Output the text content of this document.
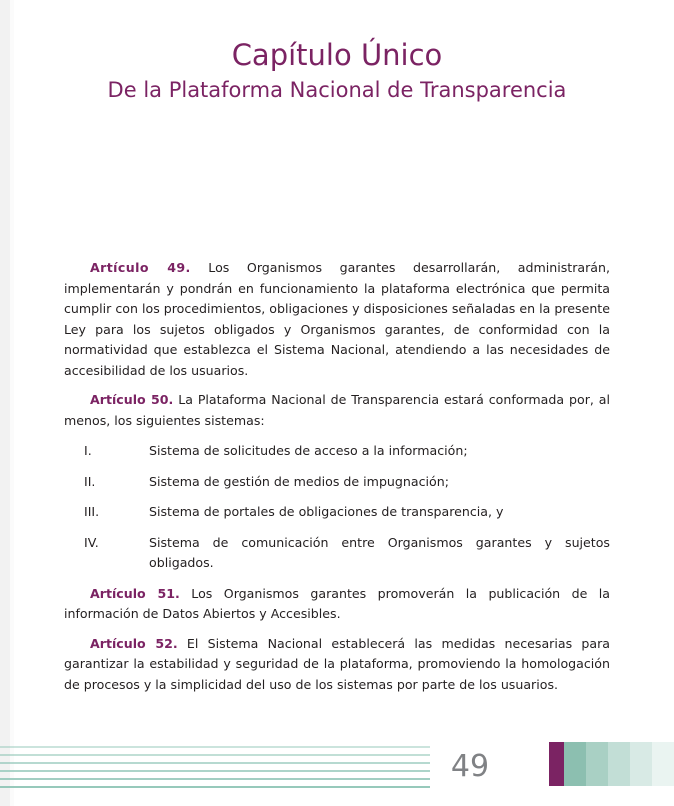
Capítulo Único
De la Plataforma Nacional de Transparencia

Artículo 49. Los Organismos garantes desarrollarán, administrarán, implementarán y pondrán en funcionamiento la plataforma electrónica que permita cumplir con los procedimientos, obligaciones y disposiciones señaladas en la presente Ley para los sujetos obligados y Organismos garantes, de conformidad con la normatividad que establezca el Sistema Nacional, atendiendo a las necesidades de accesibilidad de los usuarios.

Artículo 50. La Plataforma Nacional de Transparencia estará conformada por, al menos, los siguientes sistemas:

I.	Sistema de solicitudes de acceso a la información;
II.	Sistema de gestión de medios de impugnación;
III.	Sistema de portales de obligaciones de transparencia, y
IV.	Sistema de comunicación entre Organismos garantes y sujetos obligados.

Artículo 51. Los Organismos garantes promoverán la publicación de la información de Datos Abiertos y Accesibles.

Artículo 52. El Sistema Nacional establecerá las medidas necesarias para garantizar la estabilidad y seguridad de la plataforma, promoviendo la homologación de procesos y la simplicidad del uso de los sistemas por parte de los usuarios.

49
